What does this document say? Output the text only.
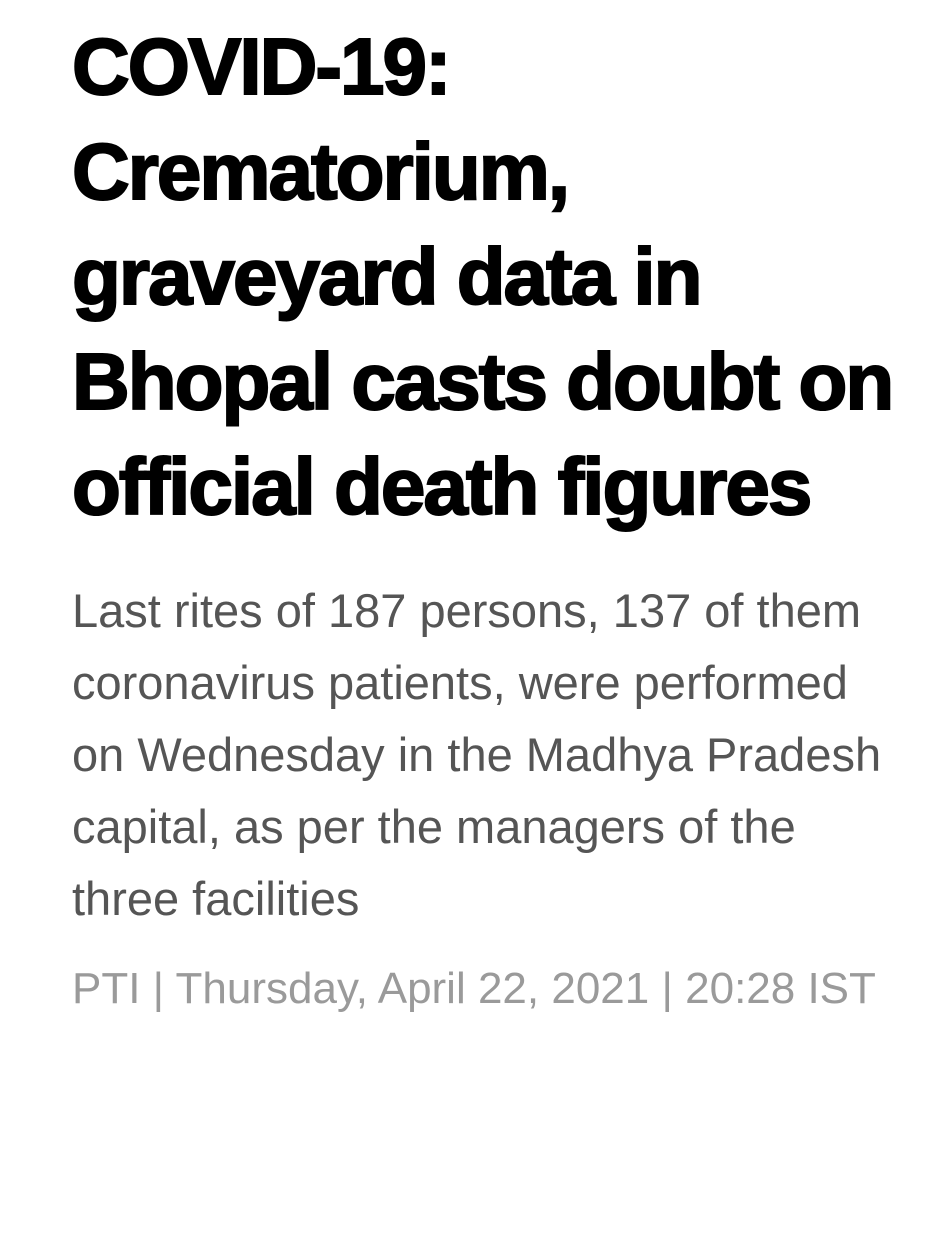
COVID-19: Crematorium, graveyard data in Bhopal casts doubt on official death figures

Last rites of 187 persons, 137 of them coronavirus patients, were performed on Wednesday in the Madhya Pradesh capital, as per the managers of the three facilities

PTI | Thursday, April 22, 2021 | 20:28 IST
